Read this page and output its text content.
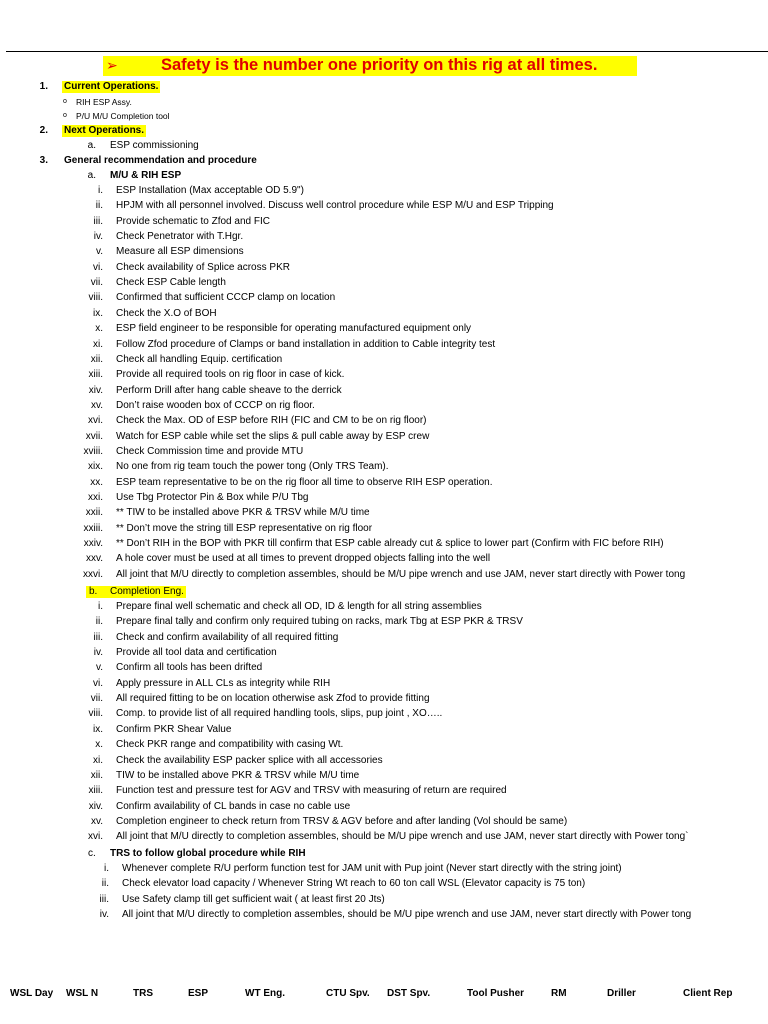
➢	Safety is the number one priority on this rig at all times.
1. Current Operations.
o RIH ESP Assy.
o P/U M/U Completion tool
2. Next Operations.
a. ESP commissioning
3. General recommendation and procedure
a. M/U & RIH ESP
i. ESP Installation (Max acceptable OD 5.9")
ii. HPJM with all personnel involved. Discuss well control procedure while ESP M/U and ESP Tripping
iii. Provide schematic to Zfod and FIC
iv. Check Penetrator with T.Hgr.
v. Measure all ESP dimensions
vi. Check availability of Splice across PKR
vii. Check ESP Cable length
viii. Confirmed that sufficient CCCP clamp on location
ix. Check the X.O of BOH
x. ESP field engineer to be responsible for operating manufactured equipment only
xi. Follow Zfod procedure of Clamps or band installation in addition to Cable integrity test
xii. Check all handling Equip. certification
xiii. Provide all required tools on rig floor in case of kick.
xiv. Perform Drill after hang cable sheave to the derrick
xv. Don’t raise wooden box of CCCP on rig floor.
xvi. Check the Max. OD of ESP before RIH (FIC and CM to be on rig floor)
xvii. Watch for ESP cable while set the slips & pull cable away by ESP crew
xviii. Check Commission time and provide MTU
xix. No one from rig team touch the power tong (Only TRS Team).
xx. ESP team representative to be on the rig floor all time to observe RIH ESP operation.
xxi. Use Tbg Protector Pin & Box while P/U Tbg
xxii. ** TIW to be installed above PKR & TRSV while M/U time
xxiii. ** Don’t move the string till ESP representative on rig floor
xxiv. ** Don’t RIH in the BOP with PKR till confirm that ESP cable already cut & splice to lower part (Confirm with FIC before RIH)
xxv. A hole cover must be used at all times to prevent dropped objects falling into the well
xxvi. All joint that M/U directly to completion assembles, should be M/U pipe wrench and use JAM, never start directly with Power tong
b. Completion Eng.
i. Prepare final well schematic and check all OD, ID & length for all string assemblies
ii. Prepare final tally and confirm only required tubing on racks, mark Tbg at ESP PKR & TRSV
iii. Check and confirm availability of all required fitting
iv. Provide all tool data and certification
v. Confirm all tools has been drifted
vi. Apply pressure in ALL CLs as integrity while RIH
vii. All required fitting to be on location otherwise ask Zfod to provide fitting
viii. Comp. to provide list of all required handling tools, slips, pup joint , XO…..
ix. Confirm PKR Shear Value
x. Check PKR range and compatibility with casing Wt.
xi. Check the availability ESP packer splice with all accessories
xii. TIW to be installed above PKR & TRSV while M/U time
xiii. Function test and pressure test for AGV and TRSV with measuring of return are required
xiv. Confirm availability of CL bands in case no cable use
xv. Completion engineer to check return from TRSV & AGV before and after landing (Vol should be same)
xvi. All joint that M/U directly to completion assembles, should be M/U pipe wrench and use JAM, never start directly with Power tong`
c. TRS to follow global procedure while RIH
i. Whenever complete R/U perform function test for JAM unit with Pup joint (Never start directly with the string joint)
ii. Check elevator load capacity / Whenever String Wt reach to 60 ton call WSL (Elevator capacity is 75 ton)
iii. Use Safety clamp till get sufficient wait ( at least first 20 Jts)
iv. All joint that M/U directly to completion assembles, should be M/U pipe wrench and use JAM, never start directly with Power tong
WSL Day WSL N	TRS	ESP	WT Eng.	CTU Spv. DST Spv.	Tool Pusher	RM	Driller	Client Rep
